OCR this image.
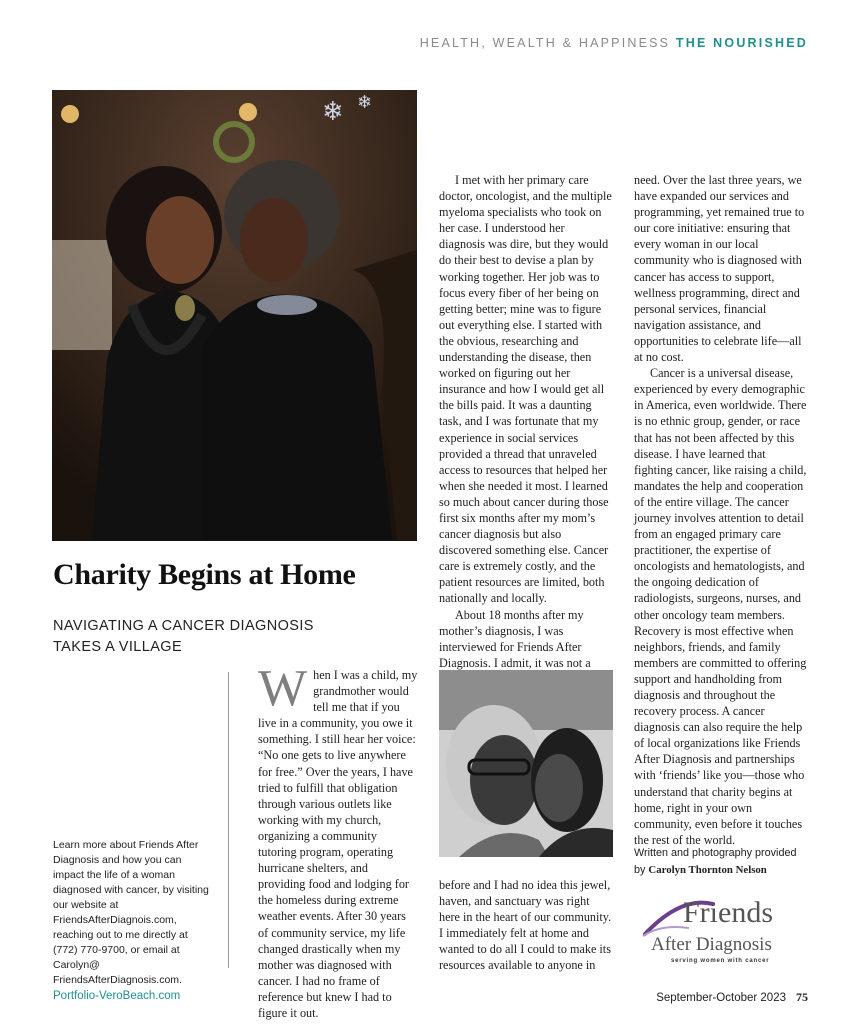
HEALTH, WEALTH & HAPPINESS THE NOURISHED
❄ ❄
Charity Begins at Home
NAVIGATING A CANCER DIAGNOSIS
TAKES A VILLAGE

When I was a child, my grandmother would tell me that if you live in a community, you owe it something. I still hear her voice: “No one gets to live anywhere for free.” Over the years, I have tried to fulfill that obligation through various outlets like working with my church, organizing a community tutoring program, operating hurricane shelters, and providing food and lodging for the homeless during extreme weather events. After 30 years of community service, my life changed drastically when my mother was diagnosed with cancer. I had no frame of reference but knew I had to figure it out.

I met with her primary care doctor, oncologist, and the multiple myeloma specialists who took on her case. I understood her diagnosis was dire, but they would do their best to devise a plan by working together. Her job was to focus every fiber of her being on getting better; mine was to figure out everything else. I started with the obvious, researching and understanding the disease, then worked on figuring out her insurance and how I would get all the bills paid. It was a daunting task, and I was fortunate that my experience in social services provided a thread that unraveled access to resources that helped her when she needed it most. I learned so much about cancer during those first six months after my mom’s cancer diagnosis but also discovered something else. Cancer care is extremely costly, and the patient resources are limited, both nationally and locally.

About 18 months after my mother’s diagnosis, I was interviewed for Friends After Diagnosis. I admit, it was not a

before and I had no idea this jewel, haven, and sanctuary was right here in the heart of our community. I immediately felt at home and wanted to do all I could to make its resources available to anyone in

need. Over the last three years, we have expanded our services and programming, yet remained true to our core initiative: ensuring that every woman in our local community who is diagnosed with cancer has access to support, wellness programming, direct and personal services, financial navigation assistance, and opportunities to celebrate life—all at no cost.

Cancer is a universal disease, experienced by every demographic in America, even worldwide. There is no ethnic group, gender, or race that has not been affected by this disease. I have learned that fighting cancer, like raising a child, mandates the help and cooperation of the entire village. The cancer journey involves attention to detail from an engaged primary care practitioner, the expertise of oncologists and hematologists, and the ongoing dedication of radiologists, surgeons, nurses, and other oncology team members. Recovery is most effective when neighbors, friends, and family members are committed to offering support and handholding from diagnosis and throughout the recovery process. A cancer diagnosis can also require the help of local organizations like Friends After Diagnosis and partnerships with ‘friends’ like you—those who understand that charity begins at home, right in your own community, even before it touches the rest of the world.

Learn more about Friends After Diagnosis and how you can impact the life of a woman diagnosed with cancer, by visiting our website at FriendsAfterDiagnois.com, reaching out to me directly at (772) 770-9700, or email at Carolyn@ FriendsAfterDiagnosis.com.
Written and photography provided
by Carolyn Thornton Nelson
Friends
After Diagnosis
serving women with cancer
Portfolio-VeroBeach.com	September-October 2023 75
